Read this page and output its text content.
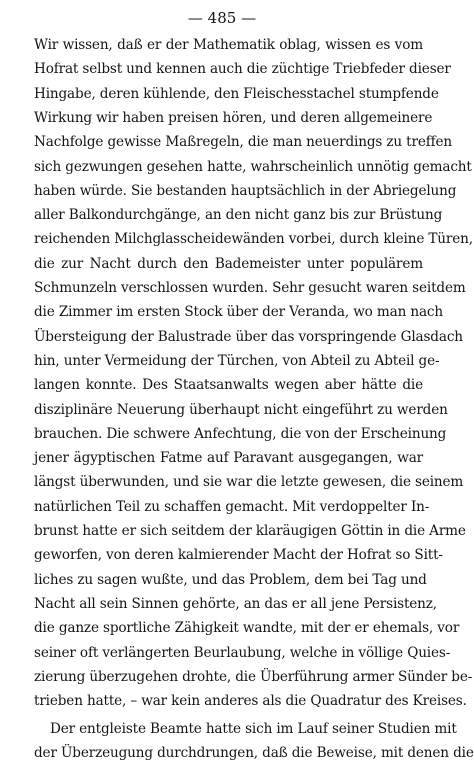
— 485 —
Wir wissen, daß er der Mathematik oblag, wissen es vom
Hofrat selbst und kennen auch die züchtige Triebfeder dieser
Hingabe, deren kühlende, den Fleischesstachel stumpfende
Wirkung wir haben preisen hören, und deren allgemeinere
Nachfolge gewisse Maßregeln, die man neuerdings zu treffen
sich gezwungen gesehen hatte, wahrscheinlich unnötig gemacht
haben würde. Sie bestanden hauptsächlich in der Abriegelung
aller Balkondurchgänge, an den nicht ganz bis zur Brüstung
reichenden Milchglasscheidewänden vorbei, durch kleine Türen,
die zur Nacht durch den Bademeister unter populärem
Schmunzeln verschlossen wurden. Sehr gesucht waren seitdem
die Zimmer im ersten Stock über der Veranda, wo man nach
Übersteigung der Balustrade über das vorspringende Glasdach
hin, unter Vermeidung der Türchen, von Abteil zu Abteil ge-
langen konnte. Des Staatsanwalts wegen aber hätte die
disziplinäre Neuerung überhaupt nicht eingeführt zu werden
brauchen. Die schwere Anfechtung, die von der Erscheinung
jener ägyptischen Fatme auf Paravant ausgegangen, war
längst überwunden, und sie war die letzte gewesen, die seinem
natürlichen Teil zu schaffen gemacht. Mit verdoppelter In-
brunst hatte er sich seitdem der klaräugigen Göttin in die Arme
geworfen, von deren kalmierender Macht der Hofrat so Sitt-
liches zu sagen wußte, und das Problem, dem bei Tag und
Nacht all sein Sinnen gehörte, an das er all jene Persistenz,
die ganze sportliche Zähigkeit wandte, mit der er ehemals, vor
seiner oft verlängerten Beurlaubung, welche in völlige Quies-
zierung überzugehen drohte, die Überführung armer Sünder be-
trieben hatte, – war kein anderes als die Quadratur des Kreises.
Der entgleiste Beamte hatte sich im Lauf seiner Studien mit
der Überzeugung durchdrungen, daß die Beweise, mit denen die
